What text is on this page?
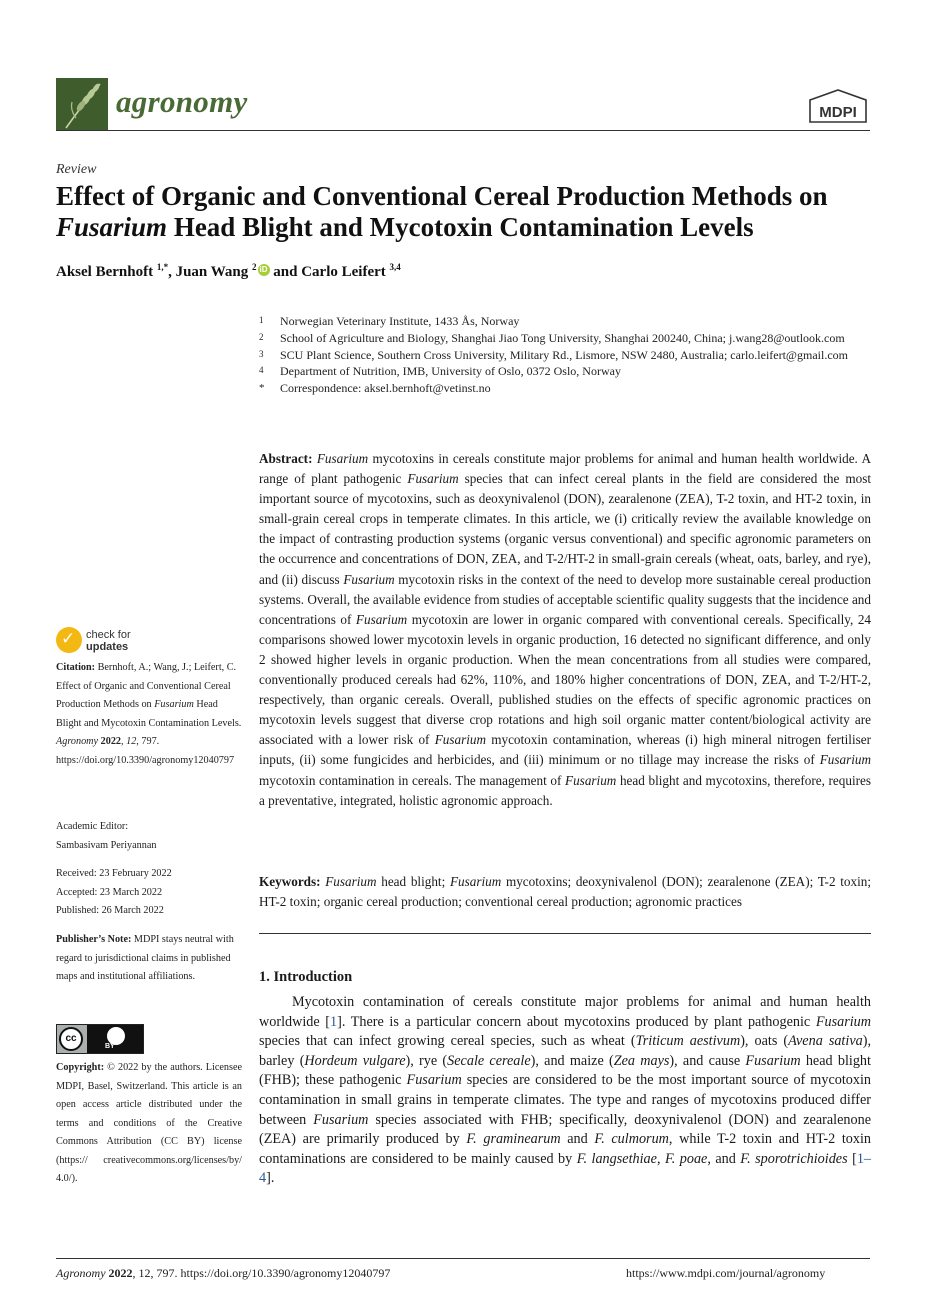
agronomy	MDPI
Review
Effect of Organic and Conventional Cereal Production Methods on Fusarium Head Blight and Mycotoxin Contamination Levels
Aksel Bernhoft $^{1,*}$, Juan Wang $^2$ iD and Carlo Leifert $^{3,4}$
1	Norwegian Veterinary Institute, 1433 Ås, Norway
2	School of Agriculture and Biology, Shanghai Jiao Tong University, Shanghai 200240, China; j.wang28@outlook.com
3	SCU Plant Science, Southern Cross University, Military Rd., Lismore, NSW 2480, Australia; carlo.leifert@gmail.com
4	Department of Nutrition, IMB, University of Oslo, 0372 Oslo, Norway
*	Correspondence: aksel.bernhoft@vetinst.no
Abstract: Fusarium mycotoxins in cereals constitute major problems for animal and human health worldwide. A range of plant pathogenic Fusarium species that can infect cereal plants in the field are considered the most important source of mycotoxins, such as deoxynivalenol (DON), zearalenone (ZEA), T-2 toxin, and HT-2 toxin, in small-grain cereal crops in temperate climates. In this article, we (i) critically review the available knowledge on the impact of contrasting production systems (organic versus conventional) and specific agronomic parameters on the occurrence and concentrations of DON, ZEA, and T-2/HT-2 in small-grain cereals (wheat, oats, barley, and rye), and (ii) discuss Fusarium mycotoxin risks in the context of the need to develop more sustainable cereal production systems. Overall, the available evidence from studies of acceptable scientific quality suggests that the incidence and concentrations of Fusarium mycotoxin are lower in organic compared with conventional cereals. Specifically, 24 comparisons showed lower mycotoxin levels in organic production, 16 detected no significant difference, and only 2 showed higher levels in organic production. When the mean concentrations from all studies were compared, conventionally produced cereals had 62%, 110%, and 180% higher concentrations of DON, ZEA, and T-2/HT-2, respectively, than organic cereals. Overall, published studies on the effects of specific agronomic practices on mycotoxin levels suggest that diverse crop rotations and high soil organic matter content/biological activity are associated with a lower risk of Fusarium mycotoxin contamination, whereas (i) high mineral nitrogen fertiliser inputs, (ii) some fungicides and herbicides, and (iii) minimum or no tillage may increase the risks of Fusarium mycotoxin contamination in cereals. The management of Fusarium head blight and mycotoxins, therefore, requires a preventative, integrated, holistic agronomic approach.
Keywords: Fusarium head blight; Fusarium mycotoxins; deoxynivalenol (DON); zearalenone (ZEA); T-2 toxin; HT-2 toxin; organic cereal production; conventional cereal production; agronomic practices
1. Introduction
Mycotoxin contamination of cereals constitute major problems for animal and human health worldwide [1]. There is a particular concern about mycotoxins produced by plant pathogenic Fusarium species that can infect growing cereal species, such as wheat (Triticum aestivum), oats (Avena sativa), barley (Hordeum vulgare), rye (Secale cereale), and maize (Zea mays), and cause Fusarium head blight (FHB); these pathogenic Fusarium species are considered to be the most important source of mycotoxin contamination in small grains in temperate climates. The type and ranges of mycotoxins produced differ between Fusarium species associated with FHB; specifically, deoxynivalenol (DON) and zearalenone (ZEA) are primarily produced by F. graminearum and F. culmorum, while T-2 toxin and HT-2 toxin contaminations are considered to be mainly caused by F. langsethiae, F. poae, and F. sporotrichioides [1–4].
✓ check for
updates
Citation: Bernhoft, A.; Wang, J.; Leifert, C. Effect of Organic and Conventional Cereal Production Methods on Fusarium Head Blight and Mycotoxin Contamination Levels. Agronomy 2022, 12, 797. https://doi.org/10.3390/agronomy12040797
Academic Editor:
Sambasivam Periyannan
Received: 23 February 2022
Accepted: 23 March 2022
Published: 26 March 2022
Publisher’s Note: MDPI stays neutral with regard to jurisdictional claims in published maps and institutional affiliations.
cc
BY
Copyright: © 2022 by the authors. Licensee MDPI, Basel, Switzerland. This article is an open access article distributed under the terms and conditions of the Creative Commons Attribution (CC BY) license (https:// creativecommons.org/licenses/by/ 4.0/).
Agronomy 2022, 12, 797. https://doi.org/10.3390/agronomy12040797	https://www.mdpi.com/journal/agronomy
